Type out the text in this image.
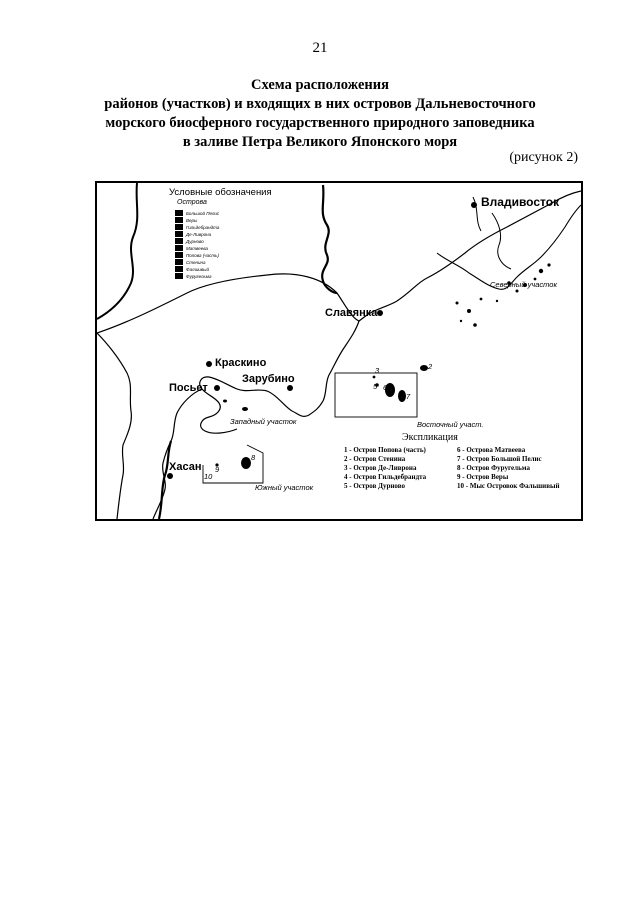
21
Схема расположения
районов (участков) и входящих в них островов Дальневосточного
морского биосферного государственного природного заповедника
в заливе Петра Великого Японского моря
(рисунок 2)
Условные обозначения
Острова
Большой Пелис
Веры
Гильдебрандта
Де-Ливрона
Дурново
Матвеева
Попова (часть)
Стенина
Фалшивый
Фуругельма
Владивосток
Славянка
Краскино
Посьет
Зарубино
Хасан
Северный участок
Западный участок	Восточный участ.
Южный участок
2
3
5 6
7
8
9
10
Экспликация
1 - Остров Попова (часть)
2 - Остров Стенина
3 - Остров Де-Ливрона
4 - Остров Гильдебрандта
5 - Остров Дурново
6 - Острова Матвеева
7 - Остров Большой Пелис
8 - Остров Фуругельма
9 - Остров Веры
10 - Мыс Островок Фальшивый
